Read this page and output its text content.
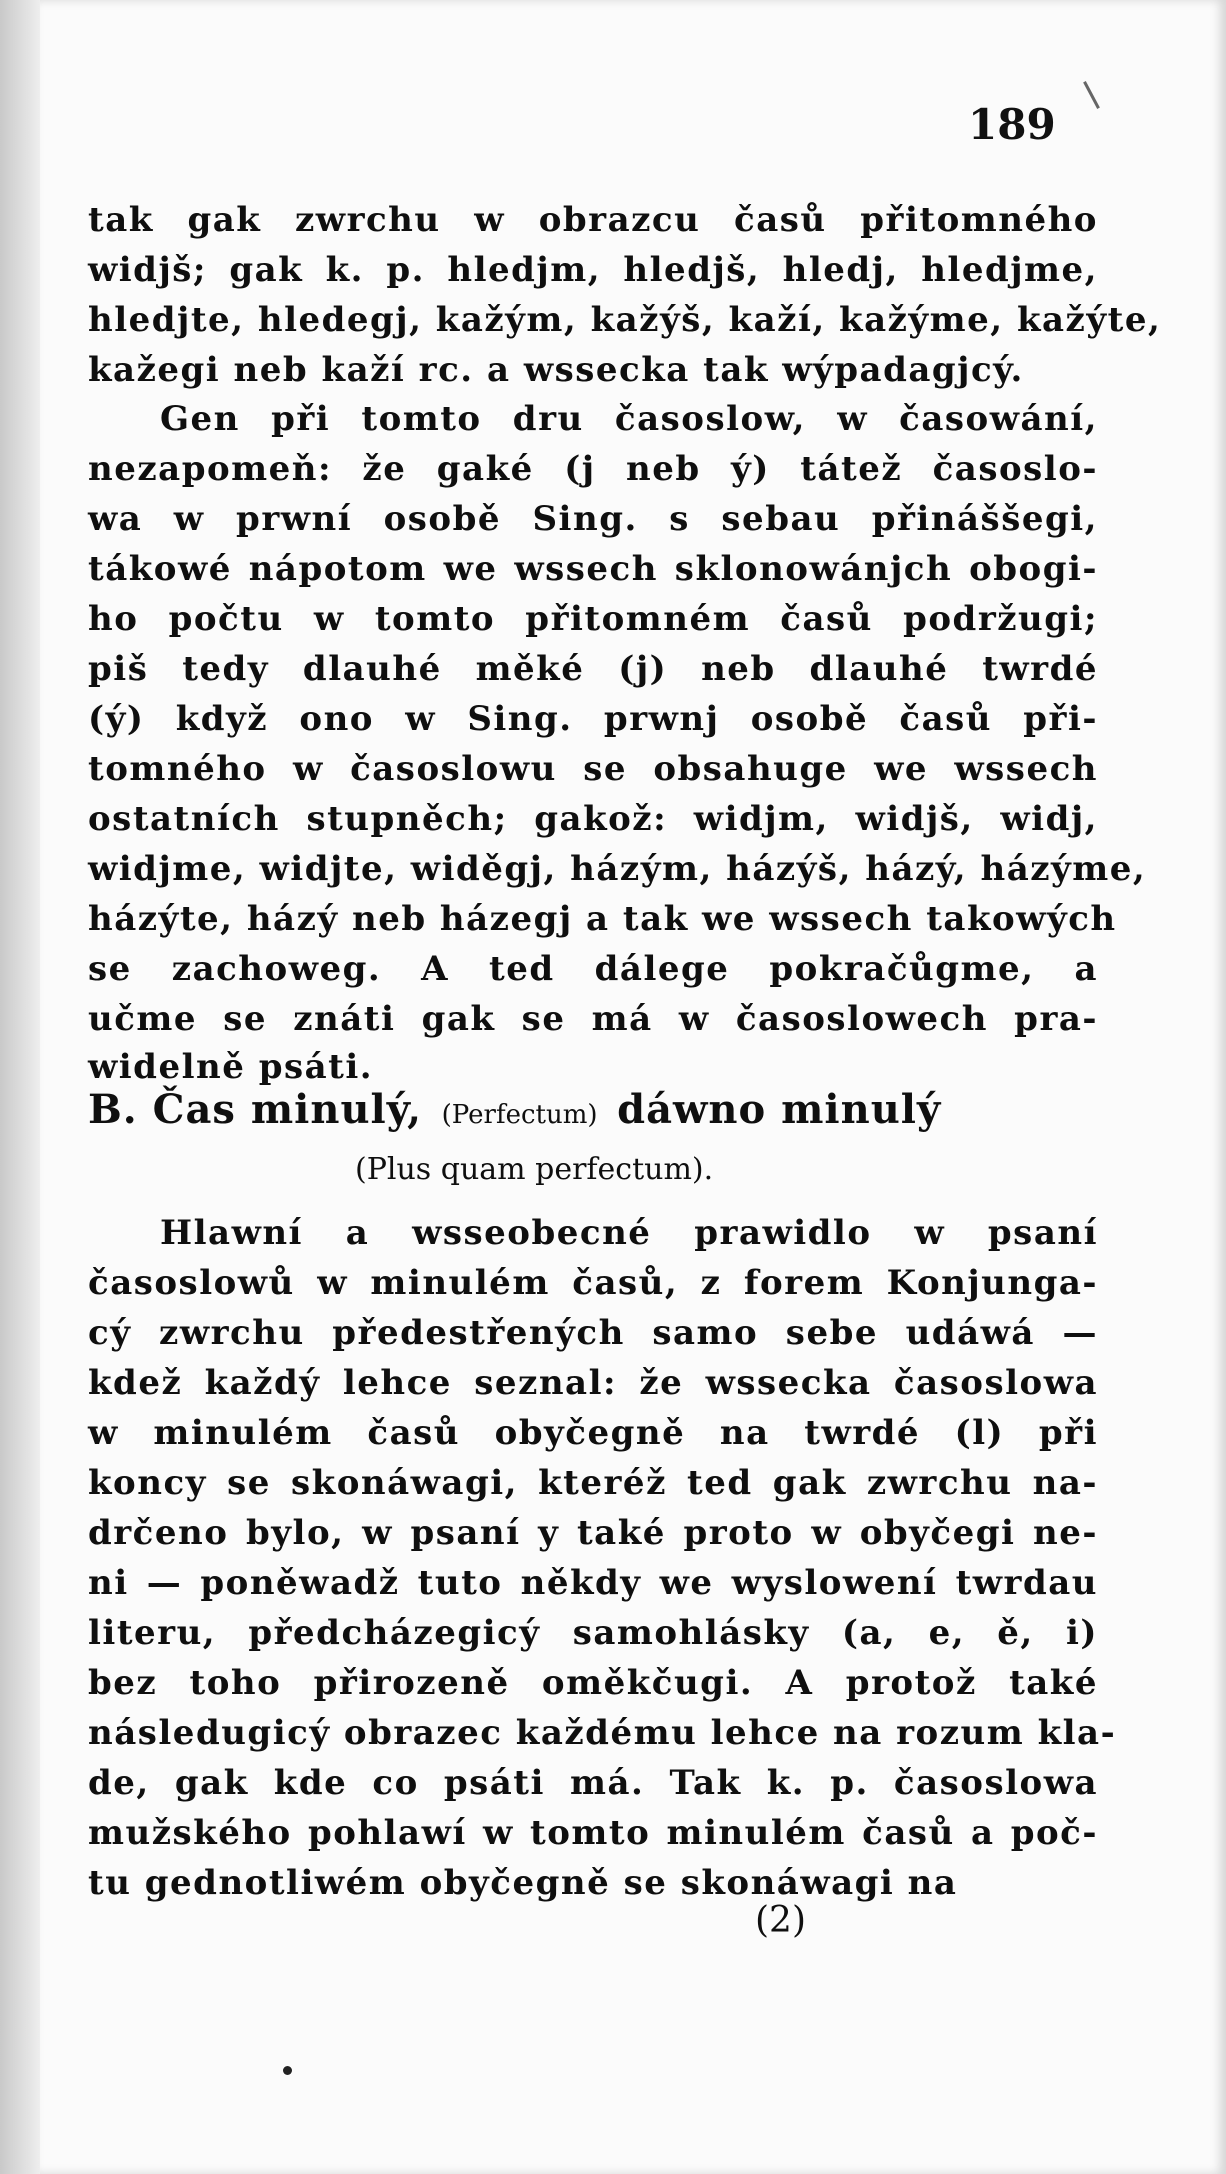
189
tak gak zwrchu w obrazcu časů přitomného
widjš; gak k. p. hledjm, hledjš, hledj, hledjme,
hledjte, hledegj, kažým, kažýš, kaží, kažýme, kažýte,
kažegi neb kaží rc. a wsseckа tak wýpadagjcý.
Gen při tomto dru časoslow, w časowání,
nezapomeň: že gaké (j neb ý) tátež časoslo-
wa w prwní osobě Sing. s sebau přináššegi,
tákowé nápotom we wssech sklonowánjch obogi-
ho počtu w tomto přitomném časů podržugi;
piš tedy dlauhé měké (j) neb dlauhé twrdé
(ý) když ono w Sing. prwnj osobě časů při-
tomného w časoslowu se obsahuge we wssech
ostatních stupněch; gakož: widjm, widjš, widj,
widjme, widjte, widěgj, házým, házýš, házý, házýme,
házýte, házý neb házegj a tak we wssech takowých
se zachoweg. A ted dálege pokračůgme, a
učme se znáti gak se má w časoslowech pra-
widelně psáti.
B. Čas minulý, (Perfectum) dáwno minulý
(Plus quam perfectum).
Hlawní a wsseobecné prawidlo w psaní
časoslowů w minulém časů, z forem Konjunga-
cý zwrchu předestřených samo sebe udáwá —
kdež každý lehce seznal: že wsseckа časoslowa
w minulém časů obyčegně na twrdé (l) při
koncy se skonáwagi, kteréž ted gak zwrchu na-
drčeno bylo, w psaní y také proto w obyčegi ne-
ni — poněwadž tuto někdy we wyslowení twrdau
literu, předcházegicý samohlásky (a, e, ě, i)
bez toho přirozeně oměkčugi. A protož také
následugicý obrazec každému lehce na rozum kla-
de, gak kde co psáti má. Tak k. p. časoslowa
mužského pohlawí w tomto minulém časů a poč-
tu gednotliwém obyčegně se skonáwagi na
(2)
